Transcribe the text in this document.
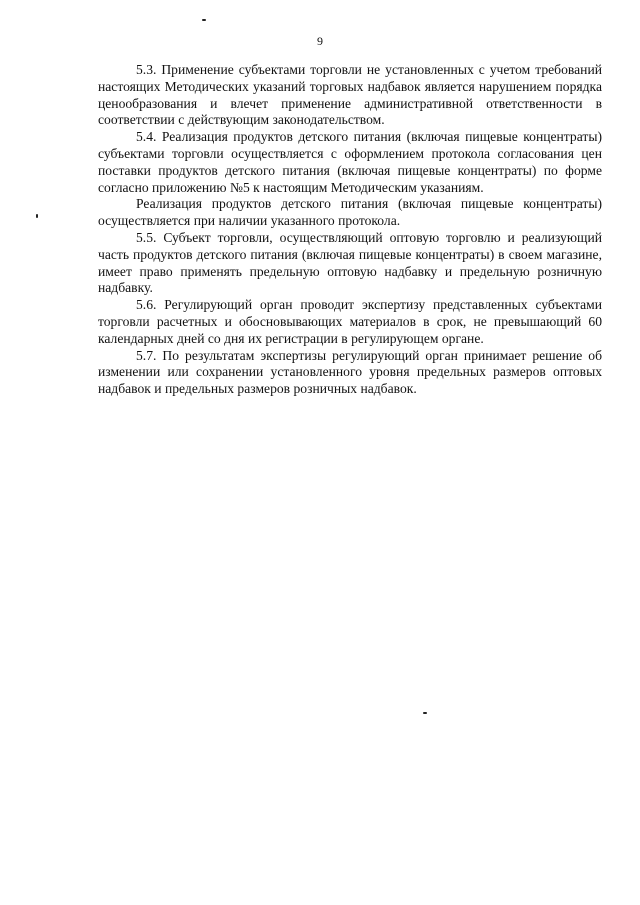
9

5.3. Применение субъектами торговли не установленных с учетом требований настоящих Методических указаний торговых надбавок является нарушением порядка ценообразования и влечет применение административной ответственности в соответствии с действующим законодательством.

5.4. Реализация продуктов детского питания (включая пищевые концентраты) субъектами торговли осуществляется с оформлением протокола согласования цен поставки продуктов детского питания (включая пищевые концентраты) по форме согласно приложению №5 к настоящим Методическим указаниям.

Реализация продуктов детского питания (включая пищевые концентраты) осуществляется при наличии указанного протокола.

5.5. Субъект торговли, осуществляющий оптовую торговлю и реализующий часть продуктов детского питания (включая пищевые концентраты) в своем магазине, имеет право применять предельную оптовую надбавку и предельную розничную надбавку.

5.6. Регулирующий орган проводит экспертизу представленных субъектами торговли расчетных и обосновывающих материалов в срок, не превышающий 60 календарных дней со дня их регистрации в регулирующем органе.

5.7. По результатам экспертизы регулирующий орган принимает решение об изменении или сохранении установленного уровня предельных размеров оптовых надбавок и предельных размеров розничных надбавок.
